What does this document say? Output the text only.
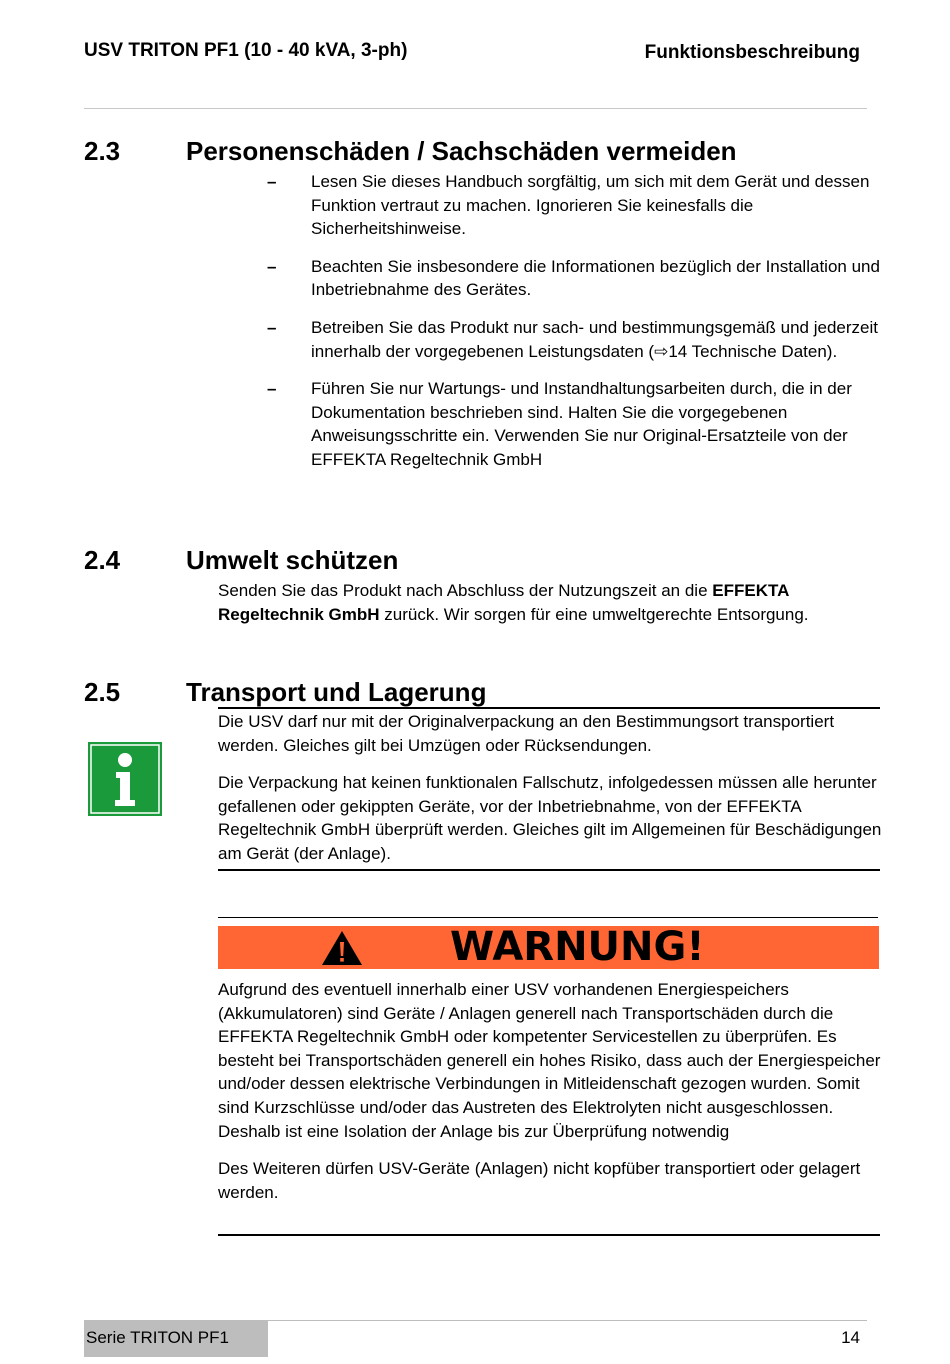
USV TRITON PF1 (10 - 40 kVA, 3-ph)	Funktionsbeschreibung
2.3	Personenschäden / Sachschäden vermeiden
– Lesen Sie dieses Handbuch sorgfältig, um sich mit dem Gerät und dessen Funktion vertraut zu machen. Ignorieren Sie keinesfalls die Sicherheitshinweise.
– Beachten Sie insbesondere die Informationen bezüglich der Installation und Inbetriebnahme des Gerätes.
– Betreiben Sie das Produkt nur sach- und bestimmungsgemäß und jederzeit innerhalb der vorgegebenen Leistungsdaten (⇨14 Technische Daten).
– Führen Sie nur Wartungs- und Instandhaltungsarbeiten durch, die in der Dokumentation beschrieben sind. Halten Sie die vorgegebenen Anweisungsschritte ein. Verwenden Sie nur Original-Ersatzteile von der EFFEKTA Regeltechnik GmbH
2.4	Umwelt schützen

Senden Sie das Produkt nach Abschluss der Nutzungszeit an die EFFEKTA Regeltechnik GmbH zurück. Wir sorgen für eine umweltgerechte Entsorgung.

2.5	Transport und Lagerung

Die USV darf nur mit der Originalverpackung an den Bestimmungsort transportiert werden. Gleiches gilt bei Umzügen oder Rücksendungen.

Die Verpackung hat keinen funktionalen Fallschutz, infolgedessen müssen alle herunter gefallenen oder gekippten Geräte, vor der Inbetriebnahme, von der EFFEKTA Regeltechnik GmbH überprüft werden. Gleiches gilt im Allgemeinen für Beschädigungen am Gerät (der Anlage).

WARNUNG!

Aufgrund des eventuell innerhalb einer USV vorhandenen Energiespeichers (Akkumulatoren) sind Geräte / Anlagen generell nach Transportschäden durch die EFFEKTA Regeltechnik GmbH oder kompetenter Servicestellen zu überprüfen. Es besteht bei Transportschäden generell ein hohes Risiko, dass auch der Energiespeicher und/oder dessen elektrische Verbindungen in Mitleidenschaft gezogen wurden. Somit sind Kurzschlüsse und/oder das Austreten des Elektrolyten nicht ausgeschlossen. Deshalb ist eine Isolation der Anlage bis zur Überprüfung notwendig

Des Weiteren dürfen USV-Geräte (Anlagen) nicht kopfüber transportiert oder gelagert werden.

Serie TRITON PF1	14
